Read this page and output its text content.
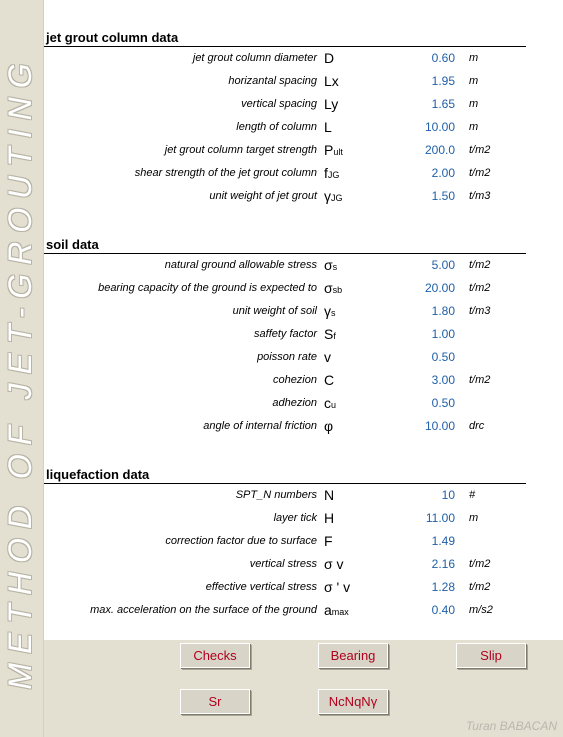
METHOD OF JET-GROUTING
jet grout column data
jet grout column diameter D	0.60 m
horizantal spacing Lx	1.95 m
vertical spacing Ly	1.65 m
length of column L	10.00 m
jet grout column target strength Pult	200.0 t/m2
shear strength of the jet grout column fJG	2.00 t/m2
unit weight of jet grout γJG	1.50 t/m3
soil data
natural ground allowable stress σs	5.00 t/m2
bearing capacity of the ground is expected to σsb	20.00 t/m2
unit weight of soil γs	1.80 t/m3
saffety factor Sf	1.00
poisson rate v	0.50
cohezion C	3.00 t/m2
adhezion cu	0.50
angle of internal friction φ	10.00 drc
liquefaction data
SPT_N numbers N	10 #
layer tick H	11.00 m
correction factor due to surface F	1.49
vertical stress σ v	2.16 t/m2
effective vertical stress σ ' v	1.28 t/m2
max. acceleration on the surface of the ground amax	0.40 m/s2
Checks	Bearing	Slip
Sr	NcNqNγ
Turan BABACAN
